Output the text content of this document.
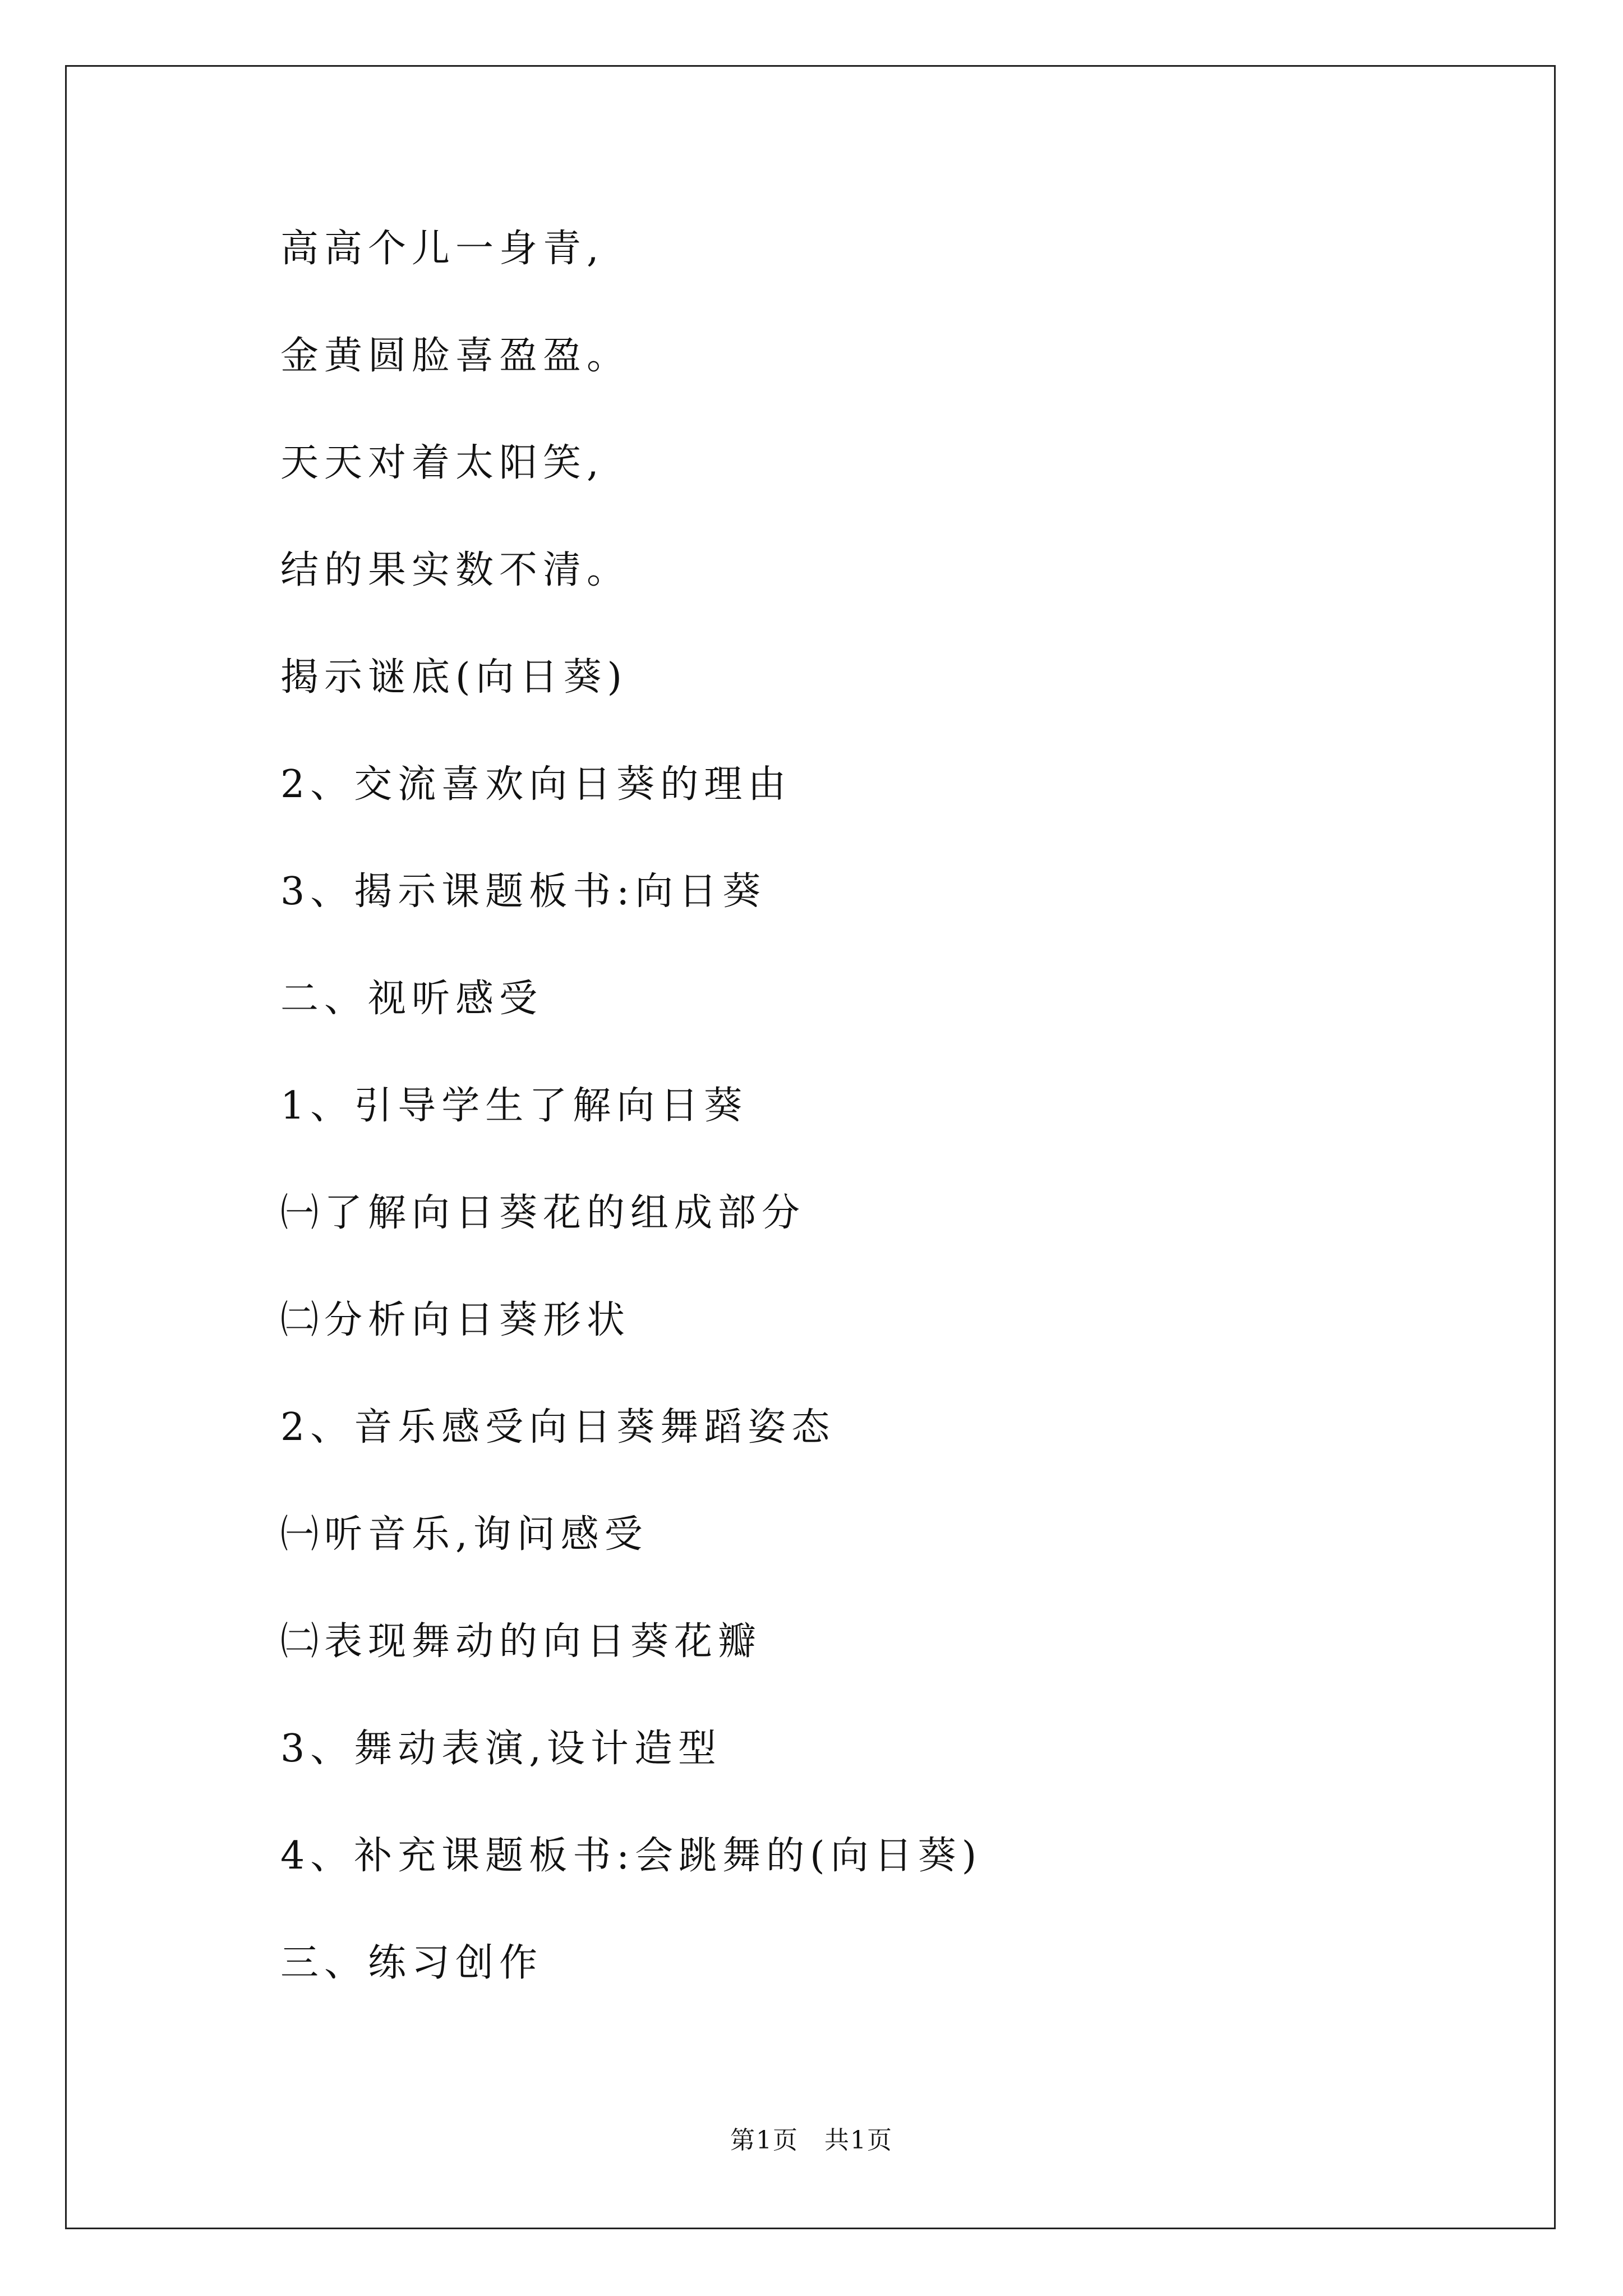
高高个儿一身青,
金黄圆脸喜盈盈。
天天对着太阳笑,
结的果实数不清。
揭示谜底(向日葵)
2、交流喜欢向日葵的理由
3、揭示课题板书:向日葵
二、视听感受
1、引导学生了解向日葵
㈠了解向日葵花的组成部分
㈡分析向日葵形状
2、音乐感受向日葵舞蹈姿态
㈠听音乐,询问感受
㈡表现舞动的向日葵花瓣
3、舞动表演,设计造型
4、补充课题板书:会跳舞的(向日葵)
三、练习创作
第1页　共1页
